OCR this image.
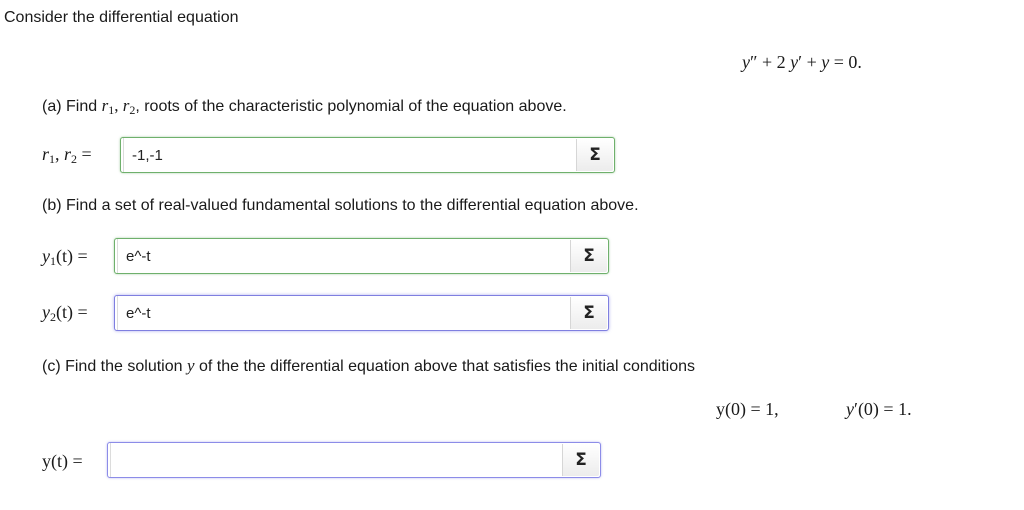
Consider the differential equation
y″ + 2 y′ + y = 0.
(a) Find $r_1$, $r_2$, roots of the characteristic polynomial of the equation above.
$r_1$, $r_2$ =	-1,-1	Σ
(b) Find a set of real-valued fundamental solutions to the differential equation above.
$y_1(t)$ =	e^-t	Σ
$y_2(t)$ =	e^-t	Σ
(c) Find the solution y of the the differential equation above that satisfies the initial conditions
y(0) = 1,	y′(0) = 1.
y(t) =	Σ
